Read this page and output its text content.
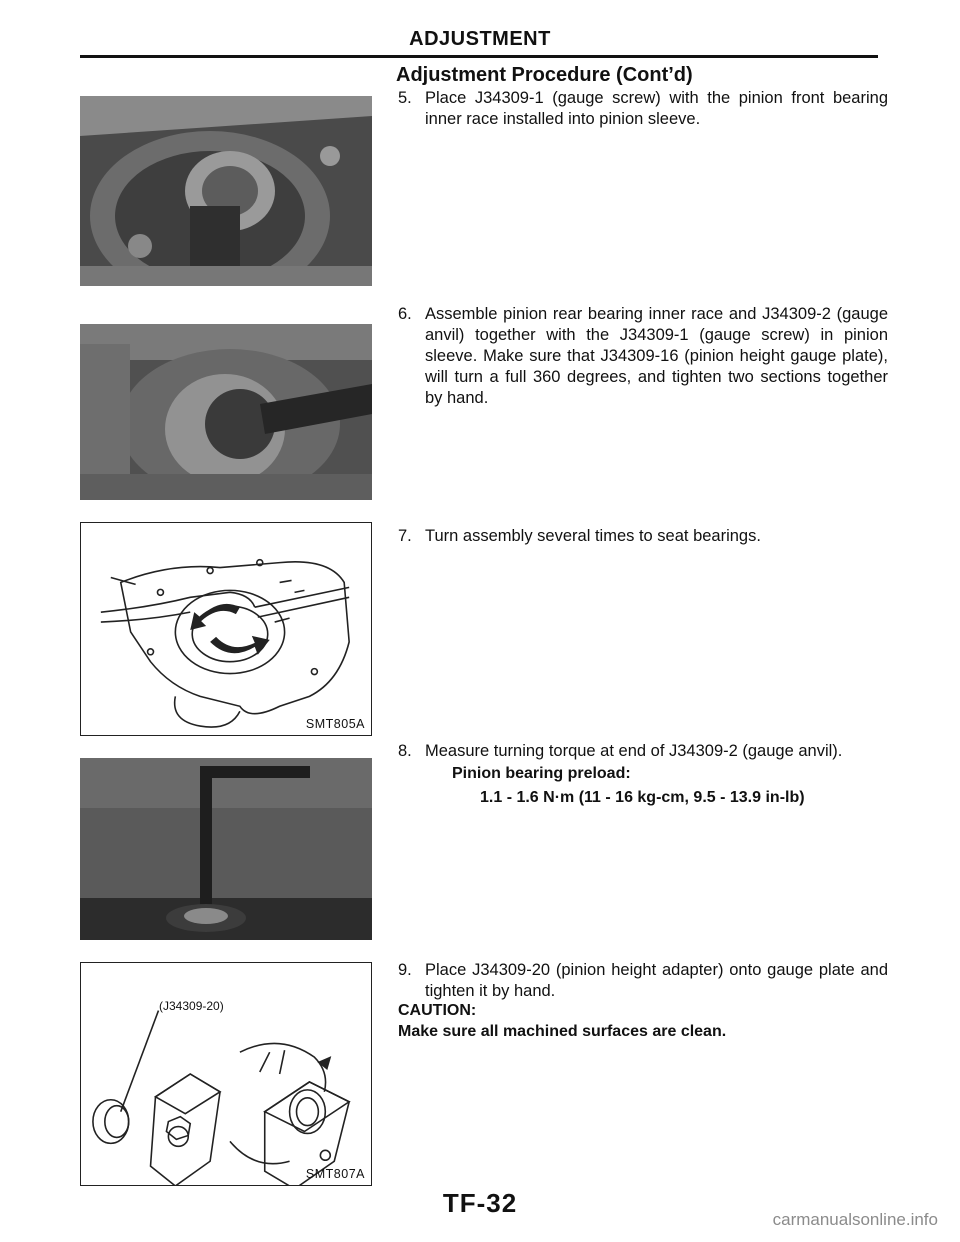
ADJUSTMENT
Adjustment Procedure (Cont’d)
SMT805A
(J34309-20)
SMT807A
5. Place J34309-1 (gauge screw) with the pinion front bearing inner race installed into pinion sleeve.
6. Assemble pinion rear bearing inner race and J34309-2 (gauge anvil) together with the J34309-1 (gauge screw) in pinion sleeve. Make sure that J34309-16 (pinion height gauge plate), will turn a full 360 degrees, and tighten two sections together by hand.
7. Turn assembly several times to seat bearings.
8. Measure turning torque at end of J34309-2 (gauge anvil).
Pinion bearing preload:
1.1 - 1.6 N·m (11 - 16 kg-cm, 9.5 - 13.9 in-lb)
9. Place J34309-20 (pinion height adapter) onto gauge plate and tighten it by hand.
CAUTION:
Make sure all machined surfaces are clean.
TF-32
carmanualsonline.info
